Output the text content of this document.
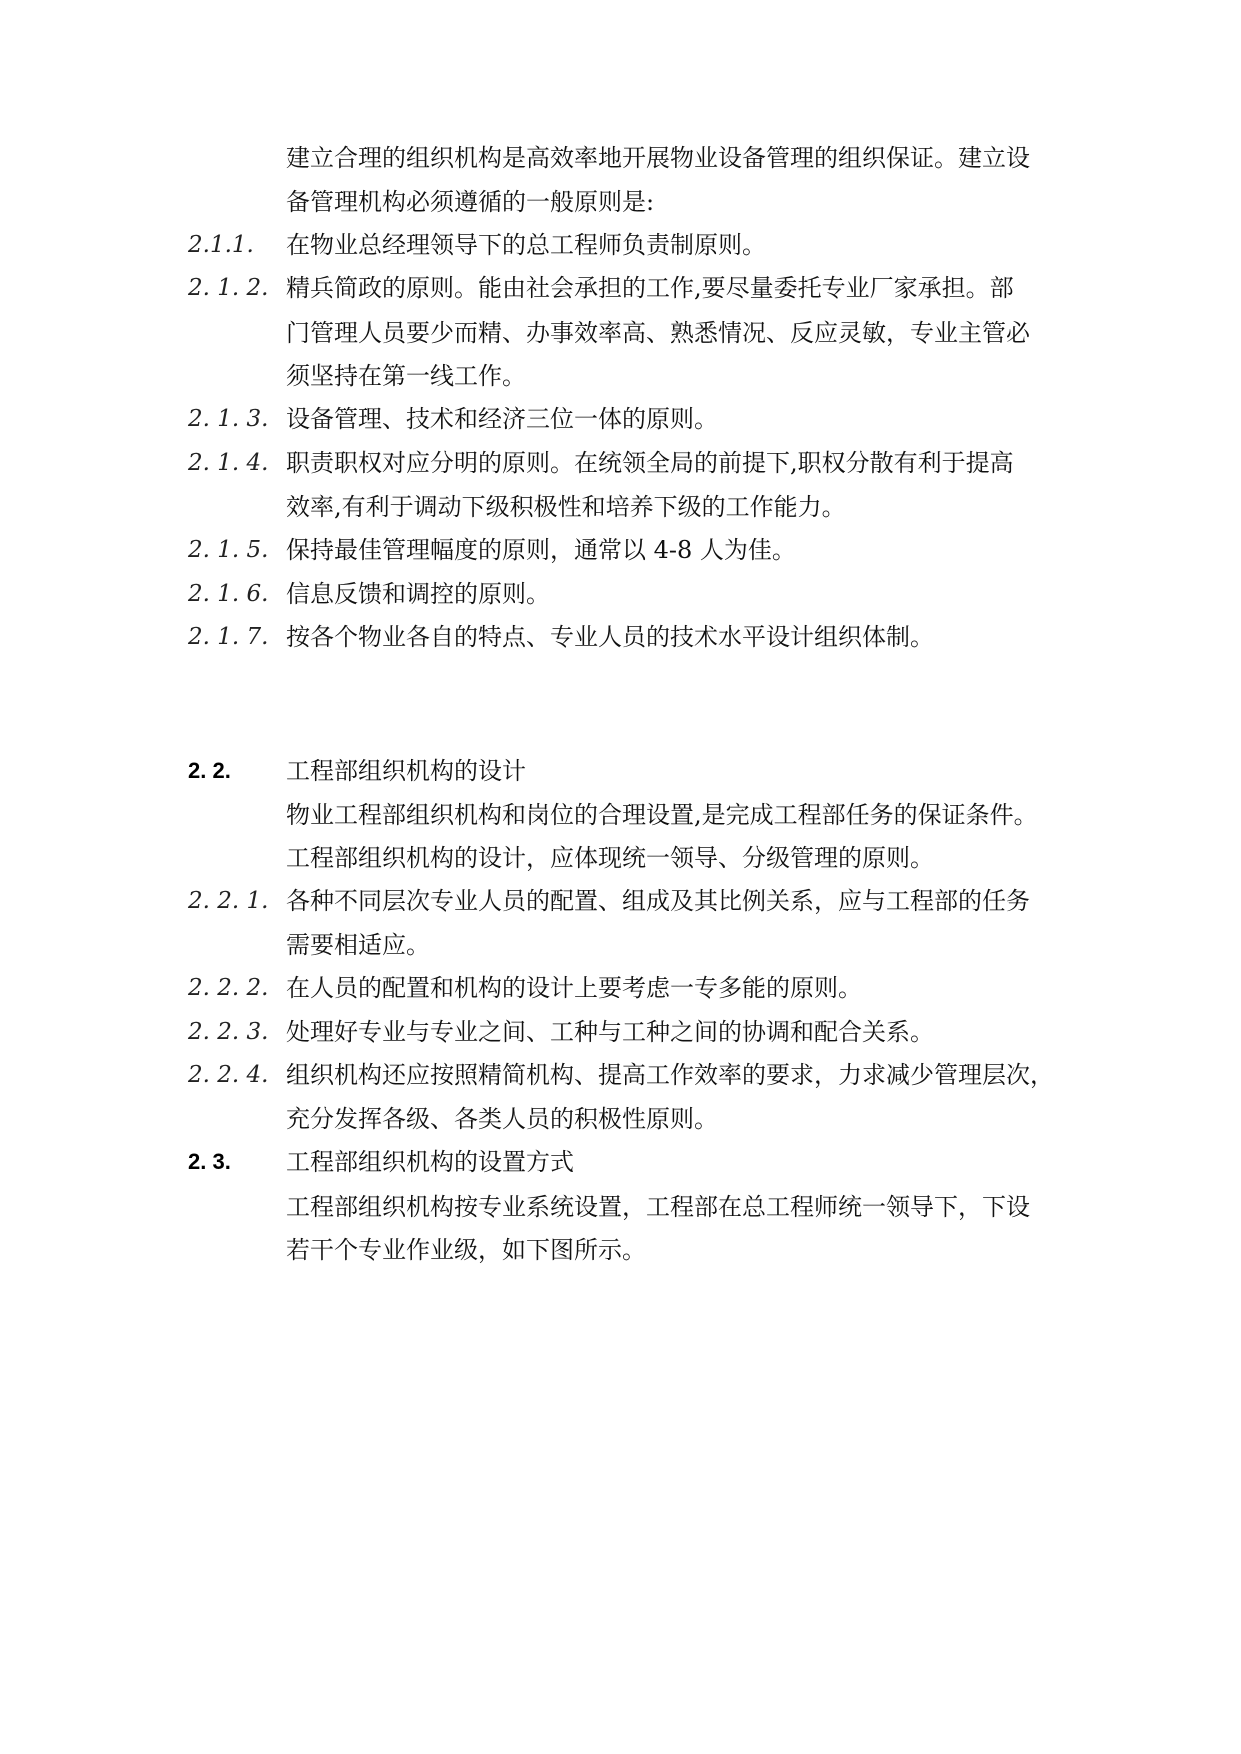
建立合理的组织机构是高效率地开展物业设备管理的组织保证。建立设
备管理机构必须遵循的一般原则是:
2.1.1. 在物业总经理领导下的总工程师负责制原则。
2. 1. 2. 精兵简政的原则。能由社会承担的工作,要尽量委托专业厂家承担。部
门管理人员要少而精、办事效率高、熟悉情况、反应灵敏，专业主管必
须坚持在第一线工作。
2. 1. 3. 设备管理、技术和经济三位一体的原则。
2. 1. 4. 职责职权对应分明的原则。在统领全局的前提下,职权分散有利于提高
效率,有利于调动下级积极性和培养下级的工作能力。
2. 1. 5. 保持最佳管理幅度的原则，通常以 4-8 人为佳。
2. 1. 6. 信息反馈和调控的原则。
2. 1. 7. 按各个物业各自的特点、专业人员的技术水平设计组织体制。
2. 2. 工程部组织机构的设计
物业工程部组织机构和岗位的合理设置,是完成工程部任务的保证条件。
工程部组织机构的设计，应体现统一领导、分级管理的原则。
2. 2. 1. 各种不同层次专业人员的配置、组成及其比例关系，应与工程部的任务
需要相适应。
2. 2. 2. 在人员的配置和机构的设计上要考虑一专多能的原则。
2. 2. 3. 处理好专业与专业之间、工种与工种之间的协调和配合关系。
2. 2. 4. 组织机构还应按照精简机构、提高工作效率的要求，力求减少管理层次，
充分发挥各级、各类人员的积极性原则。
2. 3. 工程部组织机构的设置方式
工程部组织机构按专业系统设置，工程部在总工程师统一领导下，下设
若干个专业作业级，如下图所示。
